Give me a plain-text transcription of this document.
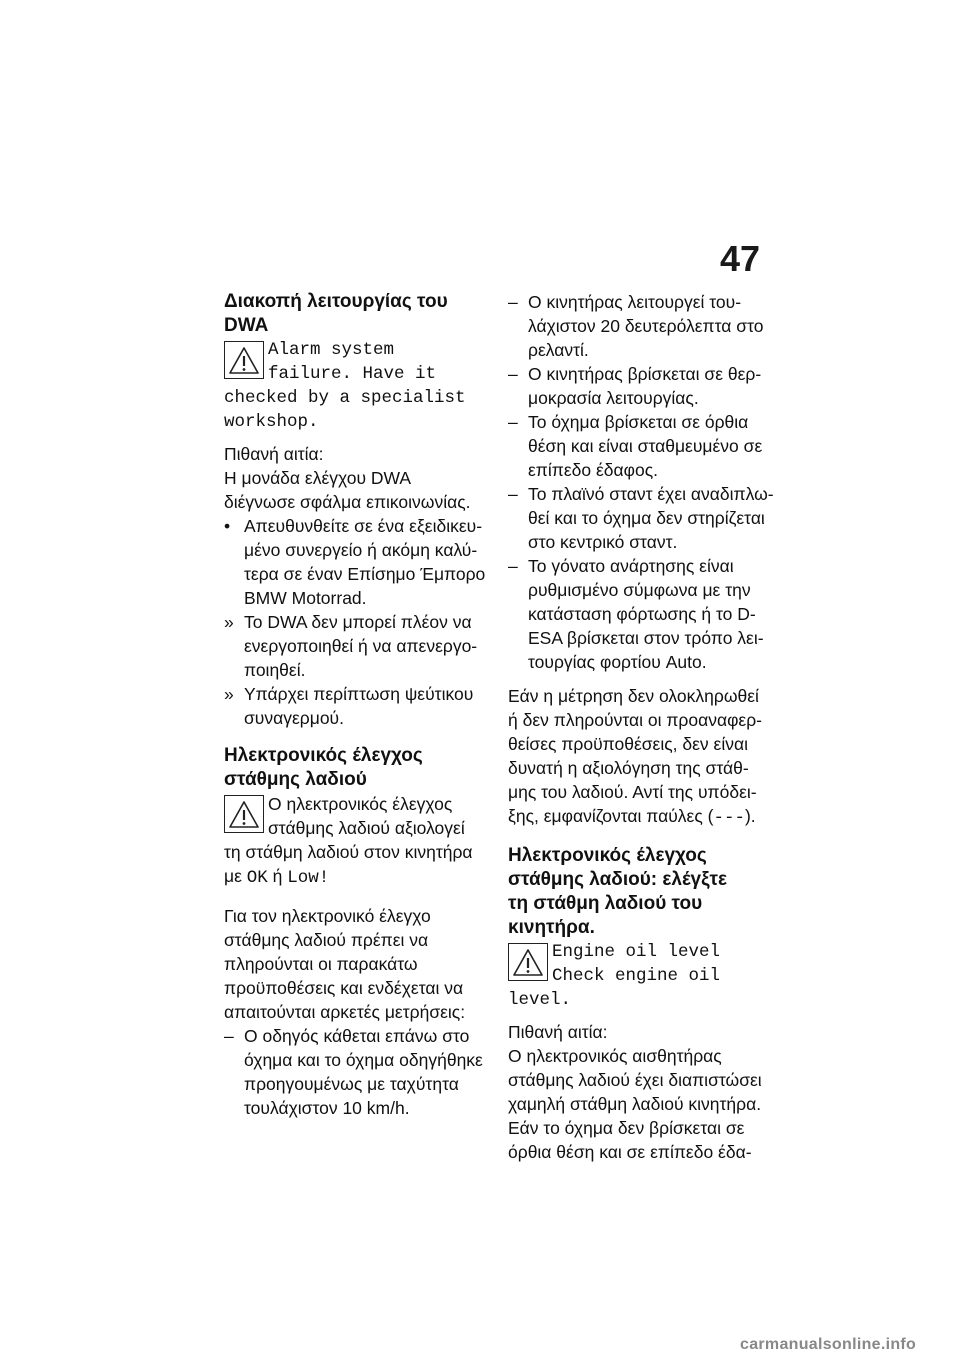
47
Διακοπή λειτουργίας του
DWA
Alarm system
failure. Have it
checked by a specialist
workshop.
Πιθανή αιτία:
Η μονάδα ελέγχου DWA
διέγνωσε σφάλμα επικοινωνίας.
• Απευθυνθείτε σε ένα εξειδικευ-
μένο συνεργείο ή ακόμη καλύ-
τερα σε έναν Επίσημο Έμπορο
BMW Motorrad.
» Το DWA δεν μπορεί πλέον να
ενεργοποιηθεί ή να απενεργο-
ποιηθεί.
» Υπάρχει περίπτωση ψεύτικου
συναγερμού.
Ηλεκτρονικός έλεγχος
στάθμης λαδιού
Ο ηλεκτρονικός έλεγχος
στάθμης λαδιού αξιολογεί
τη στάθμη λαδιού στον κινητήρα
με OK ή Low!
Για τον ηλεκτρονικό έλεγχο
στάθμης λαδιού πρέπει να
πληρούνται οι παρακάτω
προϋποθέσεις και ενδέχεται να
απαιτούνται αρκετές μετρήσεις:
– Ο οδηγός κάθεται επάνω στο
όχημα και το όχημα οδηγήθηκε
προηγουμένως με ταχύτητα
τουλάχιστον 10 km/h.
– Ο κινητήρας λειτουργεί του-
λάχιστον 20 δευτερόλεπτα στο
ρελαντί.
– Ο κινητήρας βρίσκεται σε θερ-
μοκρασία λειτουργίας.
– Το όχημα βρίσκεται σε όρθια
θέση και είναι σταθμευμένο σε
επίπεδο έδαφος.
– Το πλαϊνό σταντ έχει αναδιπλω-
θεί και το όχημα δεν στηρίζεται
στο κεντρικό σταντ.
– Το γόνατο ανάρτησης είναι
ρυθμισμένο σύμφωνα με την
κατάσταση φόρτωσης ή το D-
ESA βρίσκεται στον τρόπο λει-
τουργίας φορτίου Auto.
Εάν η μέτρηση δεν ολοκληρωθεί
ή δεν πληρούνται οι προαναφερ-
θείσες προϋποθέσεις, δεν είναι
δυνατή η αξιολόγηση της στάθ-
μης του λαδιού. Αντί της υπόδει-
ξης, εμφανίζονται παύλες (---).
Ηλεκτρονικός έλεγχος
στάθμης λαδιού: ελέγξτε
τη στάθμη λαδιού του
κινητήρα.
Engine oil level
Check engine oil
level.
Πιθανή αιτία:
Ο ηλεκτρονικός αισθητήρας
στάθμης λαδιού έχει διαπιστώσει
χαμηλή στάθμη λαδιού κινητήρα.
Εάν το όχημα δεν βρίσκεται σε
όρθια θέση και σε επίπεδο έδα-
carmanualsonline.info
